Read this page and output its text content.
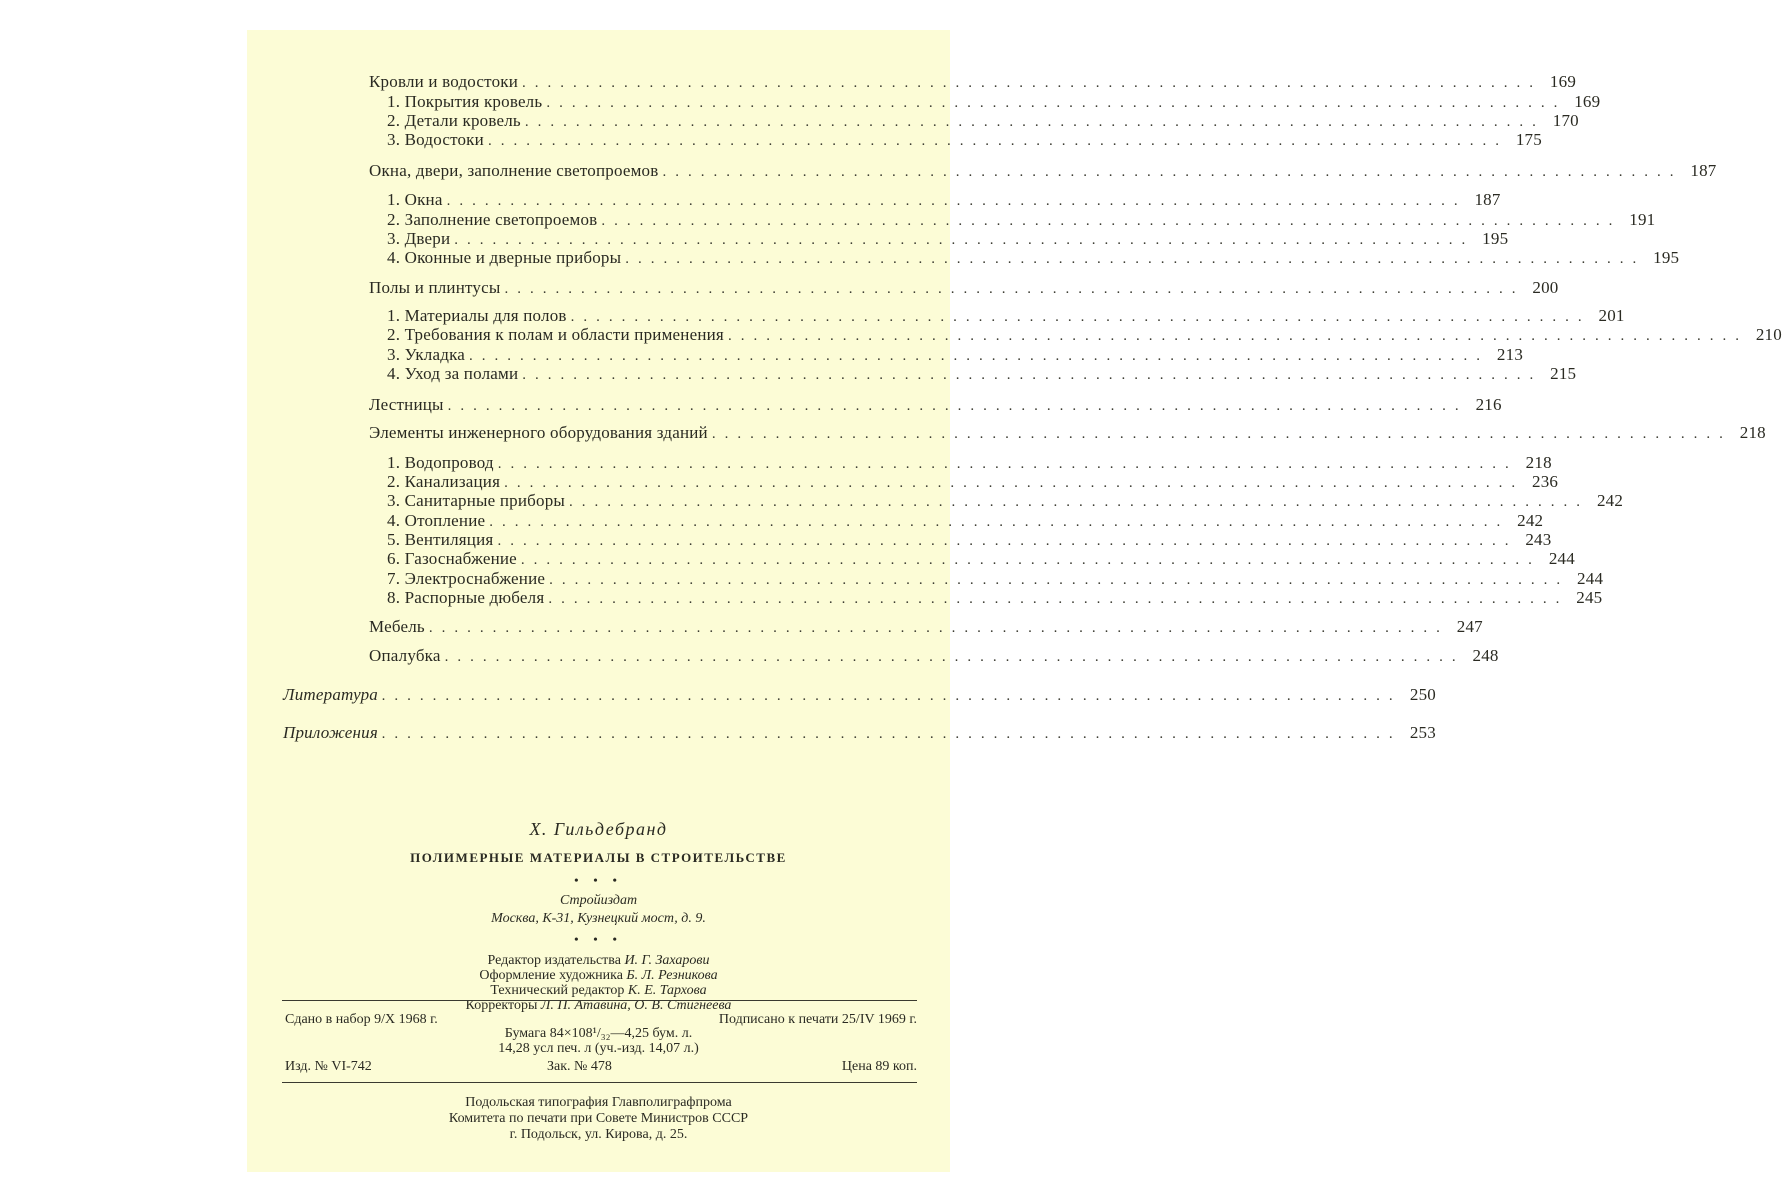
Кровли и водостоки ................................................................................ 169
1. Покрытия кровель ................................................................................ 169
2. Детали кровель ................................................................................ 170
3. Водостоки ................................................................................ 175
Окна, двери, заполнение светопроемов ................................................................................ 187
1. Окна ................................................................................ 187
2. Заполнение светопроемов ................................................................................ 191
3. Двери ................................................................................ 195
4. Оконные и дверные приборы ................................................................................ 195
Полы и плинтусы ................................................................................ 200
1. Материалы для полов ................................................................................ 201
2. Требования к полам и области применения ................................................................................ 210
3. Укладка ................................................................................ 213
4. Уход за полами ................................................................................ 215
Лестницы ................................................................................ 216
Элементы инженерного оборудования зданий ................................................................................ 218
1. Водопровод ................................................................................ 218
2. Канализация ................................................................................ 236
3. Санитарные приборы ................................................................................ 242
4. Отопление ................................................................................ 242
5. Вентиляция ................................................................................ 243
6. Газоснабжение ................................................................................ 244
7. Электроснабжение ................................................................................ 244
8. Распорные дюбеля ................................................................................ 245
Мебель ................................................................................ 247
Опалубка ................................................................................ 248
Литература ................................................................................ 250
Приложения ................................................................................ 253
Х. Гильдебранд
ПОЛИМЕРНЫЕ МАТЕРИАЛЫ В СТРОИТЕЛЬСТВЕ
• • •
Стройиздат
Москва, К-31, Кузнецкий мост, д. 9.
• • •
Редактор издательства И. Г. Захарови
Оформление художника Б. Л. Резникова
Технический редактор К. Е. Тархова
Корректоры Л. П. Атавина, О. В. Стигнеева
Сдано в набор 9/X 1968 г.	Подписано к печати 25/IV 1969 г.
Бумага 84×108¹/₃₂—4,25 бум. л.
14,28 усл печ. л (уч.-изд. 14,07 л.)
Изд. № VI-742	Зак. № 478	Цена 89 коп.
Подольская типография Главполиграфпрома
Комитета по печати при Совете Министров СССР
г. Подольск, ул. Кирова, д. 25.
